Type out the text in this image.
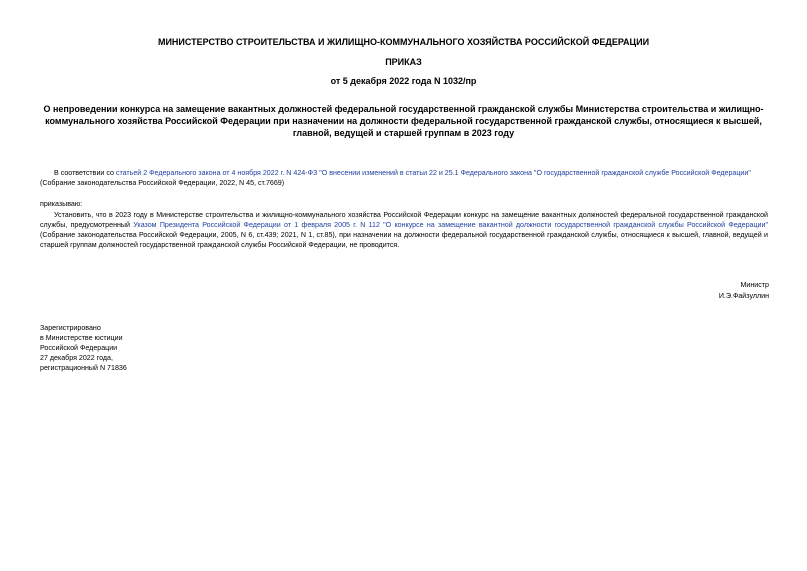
МИНИСТЕРСТВО СТРОИТЕЛЬСТВА И ЖИЛИЩНО-КОММУНАЛЬНОГО ХОЗЯЙСТВА РОССИЙСКОЙ ФЕДЕРАЦИИ
ПРИКАЗ
от 5 декабря 2022 года N 1032/пр
О непроведении конкурса на замещение вакантных должностей федеральной государственной гражданской службы Министерства строительства и жилищно-коммунального хозяйства Российской Федерации при назначении на должности федеральной государственной гражданской службы, относящиеся к высшей, главной, ведущей и старшей группам в 2023 году
В соответствии со статьей 2 Федерального закона от 4 ноября 2022 г. N 424-ФЗ "О внесении изменений в статьи 22 и 25.1 Федерального закона "О государственной гражданской службе Российской Федерации" (Собрание законодательства Российской Федерации, 2022, N 45, ст.7669)
приказываю:
Установить, что в 2023 году в Министерстве строительства и жилищно-коммунального хозяйства Российской Федерации конкурс на замещение вакантных должностей федеральной государственной гражданской службы, предусмотренный Указом Президента Российской Федерации от 1 февраля 2005 г. N 112 "О конкурсе на замещение вакантной должности государственной гражданской службы Российской Федерации" (Собрание законодательства Российской Федерации, 2005, N 6, ст.439; 2021, N 1, ст.85), при назначении на должности федеральной государственной гражданской службы, относящиеся к высшей, главной, ведущей и старшей группам должностей государственной гражданской службы Российской Федерации, не проводится.
Министр
И.Э.Файзуллин
Зарегистрировано
в Министерстве юстиции
Российской Федерации
27 декабря 2022 года,
регистрационный N 71836
